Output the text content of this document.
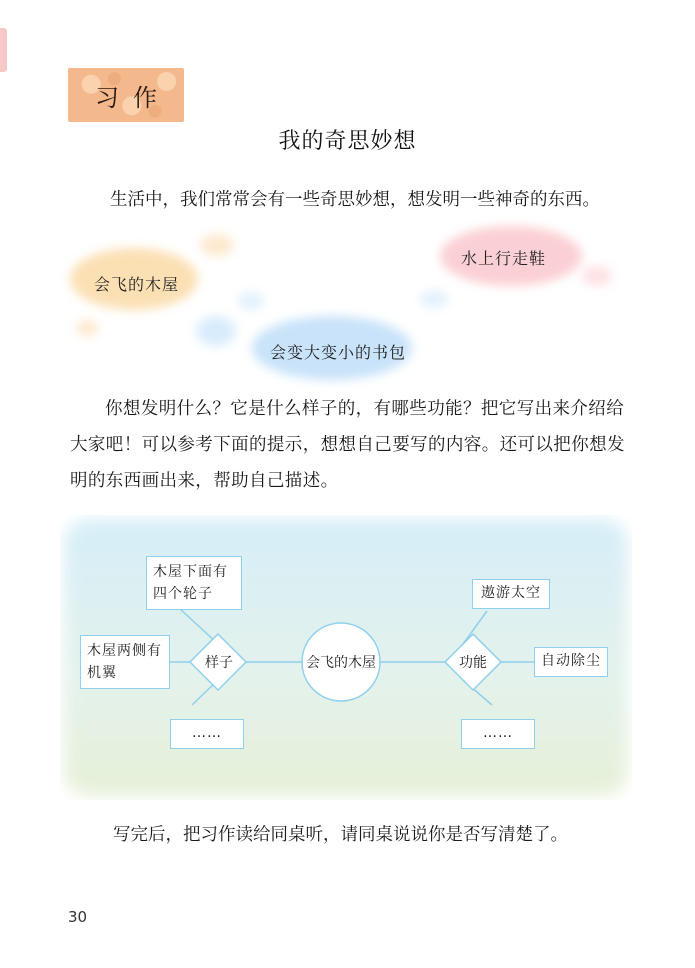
习作
我的奇思妙想
生活中，我们常常会有一些奇思妙想，想发明一些神奇的东西。
会飞的木屋
水上行走鞋
会变大变小的书包
你想发明什么？它是什么样子的，有哪些功能？把它写出来介绍给大家吧！可以参考下面的提示，想想自己要写的内容。还可以把你想发明的东西画出来，帮助自己描述。
会飞的木屋
样子	功能
木屋下面有四个轮子
木屋两侧有机翼
……
遨游太空
自动除尘
……
写完后，把习作读给同桌听，请同桌说说你是否写清楚了。
30
